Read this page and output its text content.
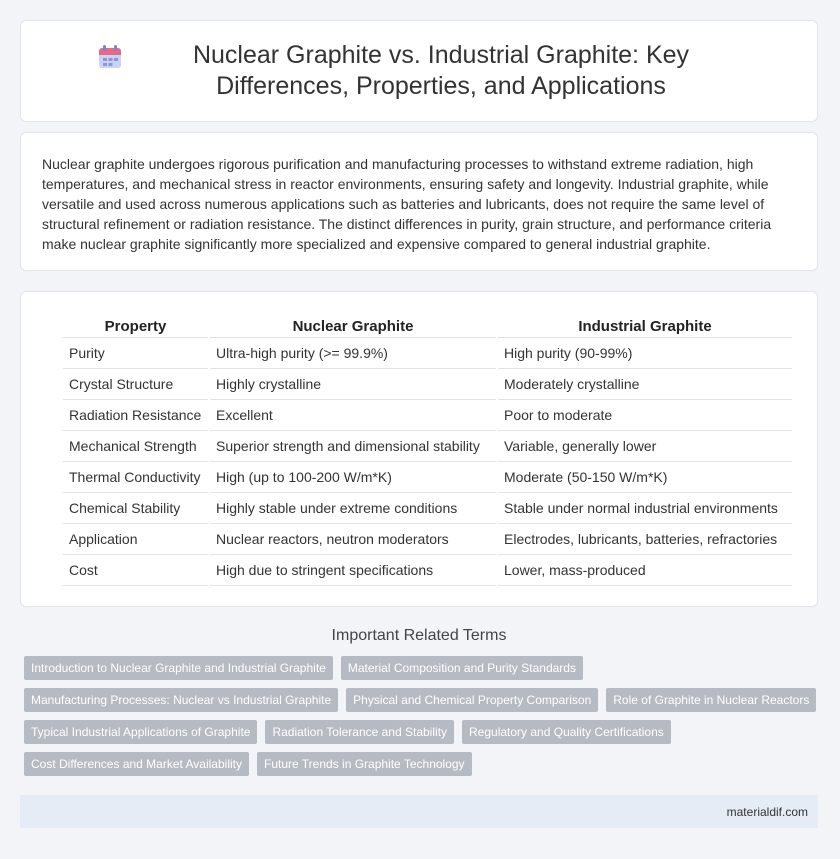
Nuclear Graphite vs. Industrial Graphite: Key Differences, Properties, and Applications

Nuclear graphite undergoes rigorous purification and manufacturing processes to withstand extreme radiation, high temperatures, and mechanical stress in reactor environments, ensuring safety and longevity. Industrial graphite, while versatile and used across numerous applications such as batteries and lubricants, does not require the same level of structural refinement or radiation resistance. The distinct differences in purity, grain structure, and performance criteria make nuclear graphite significantly more specialized and expensive compared to general industrial graphite.

Property	Nuclear Graphite	Industrial Graphite
Purity	Ultra-high purity (>= 99.9%)	High purity (90-99%)
Crystal Structure	Highly crystalline	Moderately crystalline
Radiation Resistance	Excellent	Poor to moderate
Mechanical Strength	Superior strength and dimensional stability	Variable, generally lower
Thermal Conductivity	High (up to 100-200 W/m*K)	Moderate (50-150 W/m*K)
Chemical Stability	Highly stable under extreme conditions	Stable under normal industrial environments
Application	Nuclear reactors, neutron moderators	Electrodes, lubricants, batteries, refractories
Cost	High due to stringent specifications	Lower, mass-produced
Important Related Terms
Introduction to Nuclear Graphite and Industrial Graphite	Material Composition and Purity Standards
Manufacturing Processes: Nuclear vs Industrial Graphite	Physical and Chemical Property Comparison	Role of Graphite in Nuclear Reactors
Typical Industrial Applications of Graphite	Radiation Tolerance and Stability	Regulatory and Quality Certifications
Cost Differences and Market Availability	Future Trends in Graphite Technology
materialdif.com
